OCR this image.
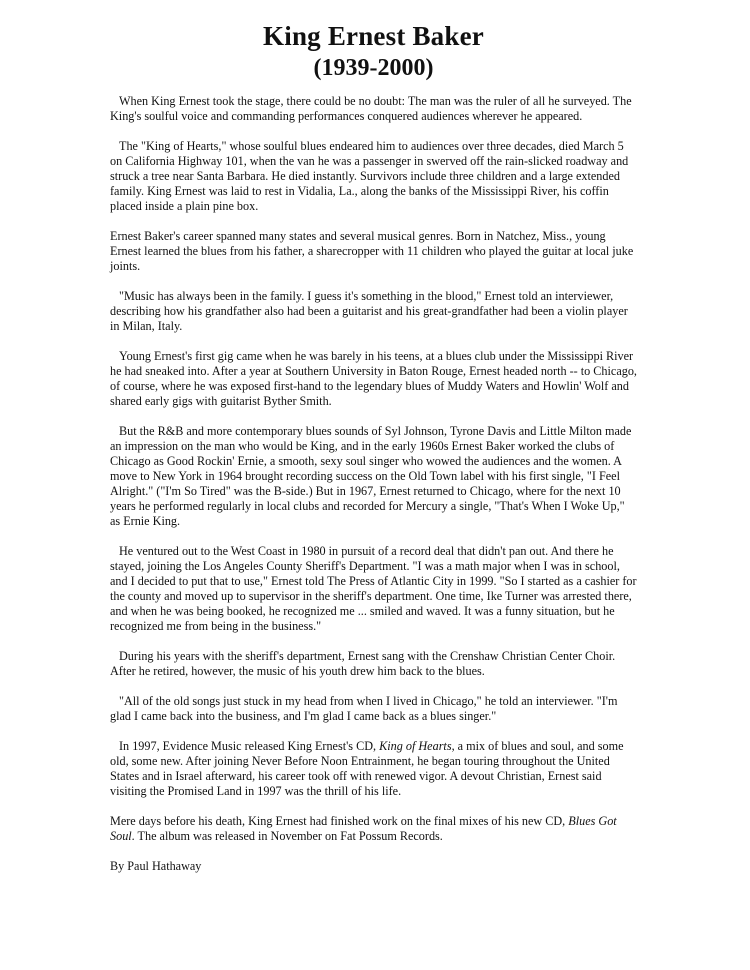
King Ernest Baker
(1939-2000)

When King Ernest took the stage, there could be no doubt: The man was the ruler of all he surveyed. The King's soulful voice and commanding performances conquered audiences wherever he appeared.

The "King of Hearts," whose soulful blues endeared him to audiences over three decades, died March 5 on California Highway 101, when the van he was a passenger in swerved off the rain-slicked roadway and struck a tree near Santa Barbara. He died instantly. Survivors include three children and a large extended family. King Ernest was laid to rest in Vidalia, La., along the banks of the Mississippi River, his coffin placed inside a plain pine box.

Ernest Baker's career spanned many states and several musical genres. Born in Natchez, Miss., young Ernest learned the blues from his father, a sharecropper with 11 children who played the guitar at local juke joints.

"Music has always been in the family. I guess it's something in the blood," Ernest told an interviewer, describing how his grandfather also had been a guitarist and his great-grandfather had been a violin player in Milan, Italy.

Young Ernest's first gig came when he was barely in his teens, at a blues club under the Mississippi River he had sneaked into. After a year at Southern University in Baton Rouge, Ernest headed north -- to Chicago, of course, where he was exposed first-hand to the legendary blues of Muddy Waters and Howlin' Wolf and shared early gigs with guitarist Byther Smith.

But the R&B and more contemporary blues sounds of Syl Johnson, Tyrone Davis and Little Milton made an impression on the man who would be King, and in the early 1960s Ernest Baker worked the clubs of Chicago as Good Rockin' Ernie, a smooth, sexy soul singer who wowed the audiences and the women. A move to New York in 1964 brought recording success on the Old Town label with his first single, "I Feel Alright." ("I'm So Tired" was the B-side.) But in 1967, Ernest returned to Chicago, where for the next 10 years he performed regularly in local clubs and recorded for Mercury a single, "That's When I Woke Up," as Ernie King.

He ventured out to the West Coast in 1980 in pursuit of a record deal that didn't pan out. And there he stayed, joining the Los Angeles County Sheriff's Department. "I was a math major when I was in school, and I decided to put that to use," Ernest told The Press of Atlantic City in 1999. "So I started as a cashier for the county and moved up to supervisor in the sheriff's department. One time, Ike Turner was arrested there, and when he was being booked, he recognized me ... smiled and waved. It was a funny situation, but he recognized me from being in the business."

During his years with the sheriff's department, Ernest sang with the Crenshaw Christian Center Choir. After he retired, however, the music of his youth drew him back to the blues.

"All of the old songs just stuck in my head from when I lived in Chicago," he told an interviewer. "I'm glad I came back into the business, and I'm glad I came back as a blues singer."

In 1997, Evidence Music released King Ernest's CD, King of Hearts, a mix of blues and soul, and some old, some new. After joining Never Before Noon Entrainment, he began touring throughout the United States and in Israel afterward, his career took off with renewed vigor. A devout Christian, Ernest said visiting the Promised Land in 1997 was the thrill of his life.

Mere days before his death, King Ernest had finished work on the final mixes of his new CD, Blues Got Soul. The album was released in November on Fat Possum Records.

By Paul Hathaway
